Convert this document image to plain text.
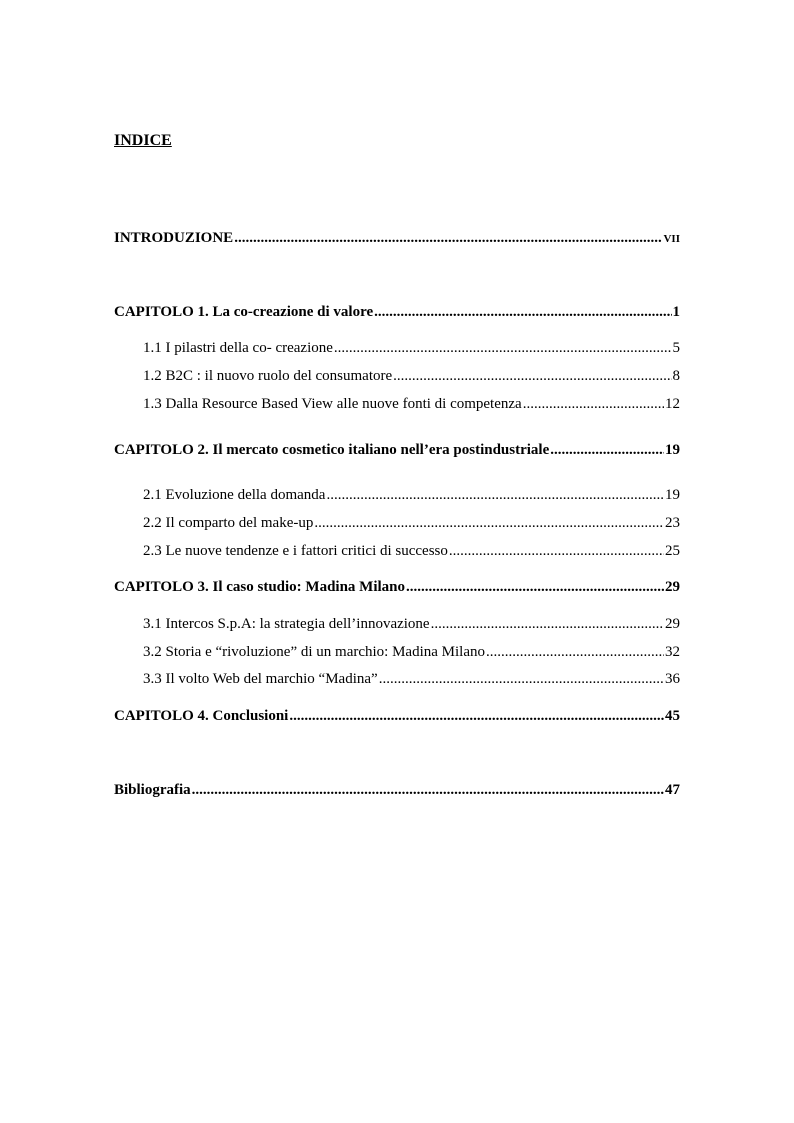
INDICE
INTRODUZIONE .....	VII
CAPITOLO 1. La co-creazione di valore .....	1
1.1 I pilastri della co- creazione .....	5
1.2 B2C : il nuovo ruolo del consumatore .....	8
1.3 Dalla Resource Based View alle nuove fonti di competenza .....	12
CAPITOLO 2. Il mercato cosmetico italiano nell’era postindustriale .....	19
2.1 Evoluzione della domanda .....	19
2.2 Il comparto del make-up .....	23
2.3 Le nuove tendenze e i fattori critici di successo .....	25
CAPITOLO 3. Il caso studio: Madina Milano .....	29
3.1 Intercos S.p.A: la strategia dell’innovazione .....	29
3.2 Storia e “rivoluzione” di un marchio: Madina Milano .....	32
3.3 Il volto Web del marchio “Madina” .....	36
CAPITOLO 4. Conclusioni .....	45
Bibliografia .....	47
